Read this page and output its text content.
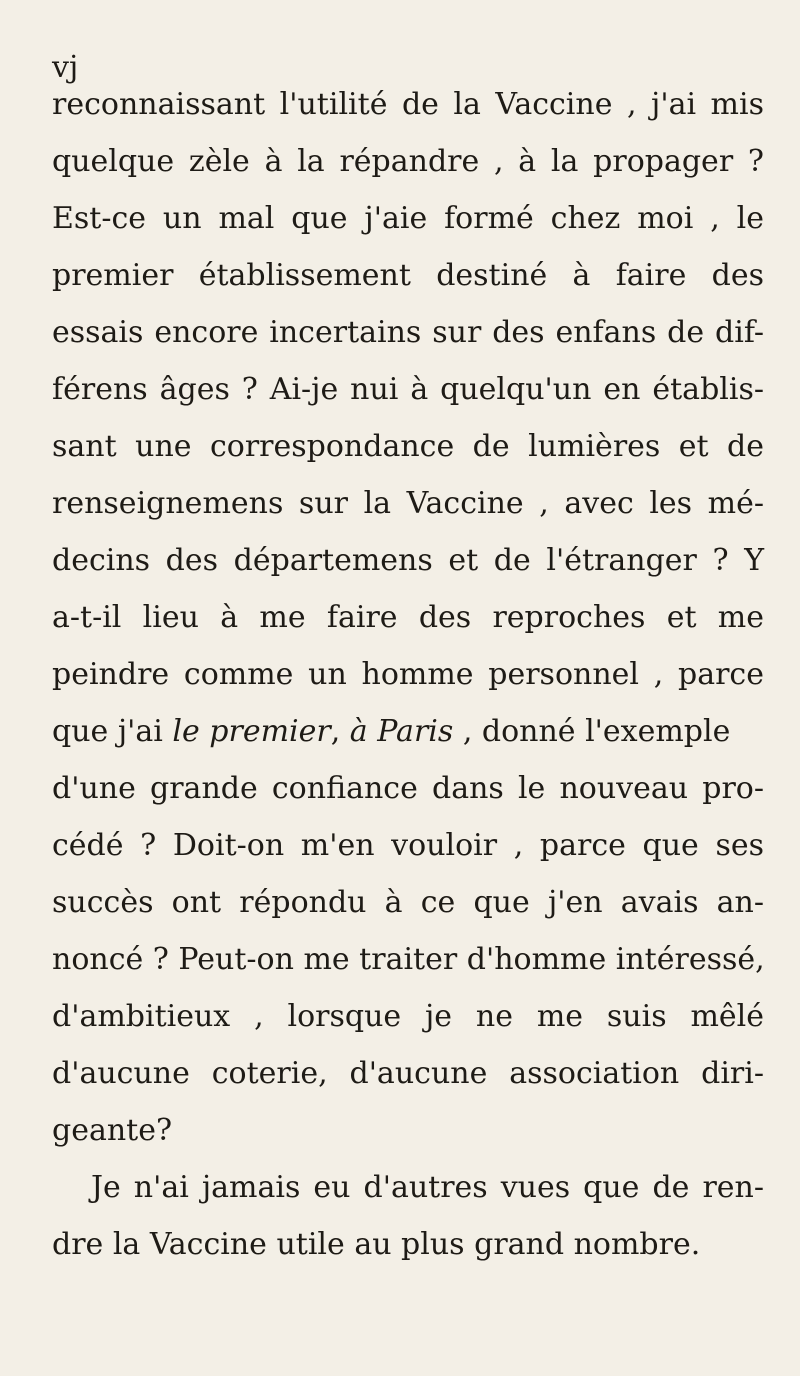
vj
reconnaissant l'utilité de la Vaccine , j'ai mis
quelque zèle à la répandre , à la propager ?
Est-ce un mal que j'aie formé chez moi , le
premier établissement destiné à faire des
essais encore incertains sur des enfans de dif-
férens âges ? Ai-je nui à quelqu'un en établis-
sant une correspondance de lumières et de
renseignemens sur la Vaccine , avec les mé-
decins des départemens et de l'étranger ? Y
a-t-il lieu à me faire des reproches et me
peindre comme un homme personnel , parce
que j'ai le premier, à Paris , donné l'exemple
d'une grande confiance dans le nouveau pro-
cédé ? Doit-on m'en vouloir , parce que ses
succès ont répondu à ce que j'en avais an-
noncé ? Peut-on me traiter d'homme intéressé,
d'ambitieux , lorsque je ne me suis mêlé
d'aucune coterie, d'aucune association diri-
geante?
Je n'ai jamais eu d'autres vues que de ren-
dre la Vaccine utile au plus grand nombre.
